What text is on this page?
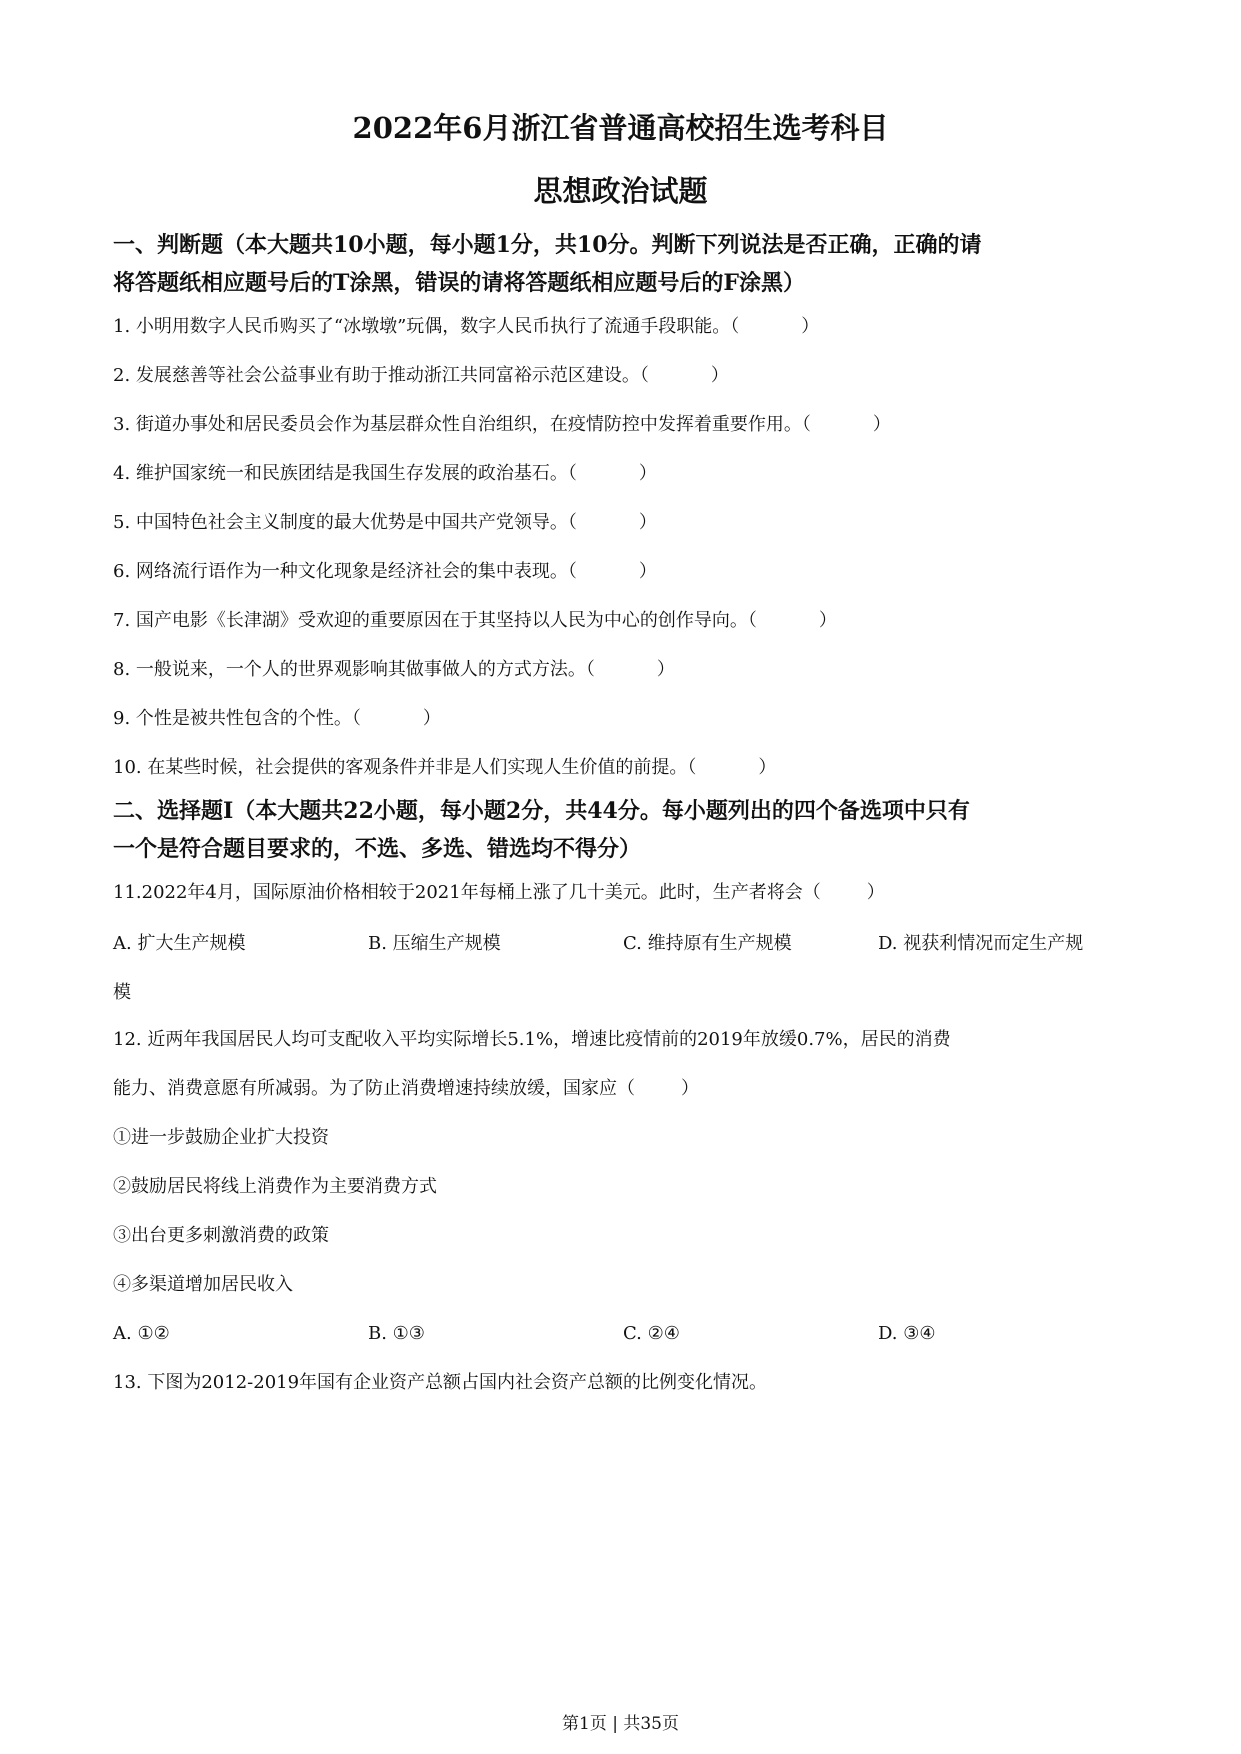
2022年6月浙江省普通高校招生选考科目
思想政治试题

一、判断题（本大题共10小题，每小题1分，共10分。判断下列说法是否正确，正确的请

将答题纸相应题号后的T涂黑，错误的请将答题纸相应题号后的F涂黑）

1. 小明用数字人民币购买了“冰墩墩”玩偶，数字人民币执行了流通手段职能。（	）
2. 发展慈善等社会公益事业有助于推动浙江共同富裕示范区建设。（	）
3. 街道办事处和居民委员会作为基层群众性自治组织，在疫情防控中发挥着重要作用。（	）
4. 维护国家统一和民族团结是我国生存发展的政治基石。（	）
5. 中国特色社会主义制度的最大优势是中国共产党领导。（	）
6. 网络流行语作为一种文化现象是经济社会的集中表现。（	）
7. 国产电影《长津湖》受欢迎的重要原因在于其坚持以人民为中心的创作导向。（	）
8. 一般说来，一个人的世界观影响其做事做人的方式方法。（	）
9. 个性是被共性包含的个性。（	）
10. 在某些时候，社会提供的客观条件并非是人们实现人生价值的前提。（	）

二、选择题Ⅰ（本大题共22小题，每小题2分，共44分。每小题列出的四个备选项中只有

一个是符合题目要求的，不选、多选、错选均不得分）

11.2022年4月，国际原油价格相较于2021年每桶上涨了几十美元。此时，生产者将会（	）
A. 扩大生产规模	B. 压缩生产规模	C. 维持原有生产规模	D. 视获利情况而定生产规
模
12. 近两年我国居民人均可支配收入平均实际增长5.1%，增速比疫情前的2019年放缓0.7%，居民的消费
能力、消费意愿有所减弱。为了防止消费增速持续放缓，国家应（	）

①进一步鼓励企业扩大投资

②鼓励居民将线上消费作为主要消费方式

③出台更多刺激消费的政策

④多渠道增加居民收入

A. ①②	B. ①③	C. ②④	D. ③④
13. 下图为2012-2019年国有企业资产总额占国内社会资产总额的比例变化情况。
第1页 | 共35页
